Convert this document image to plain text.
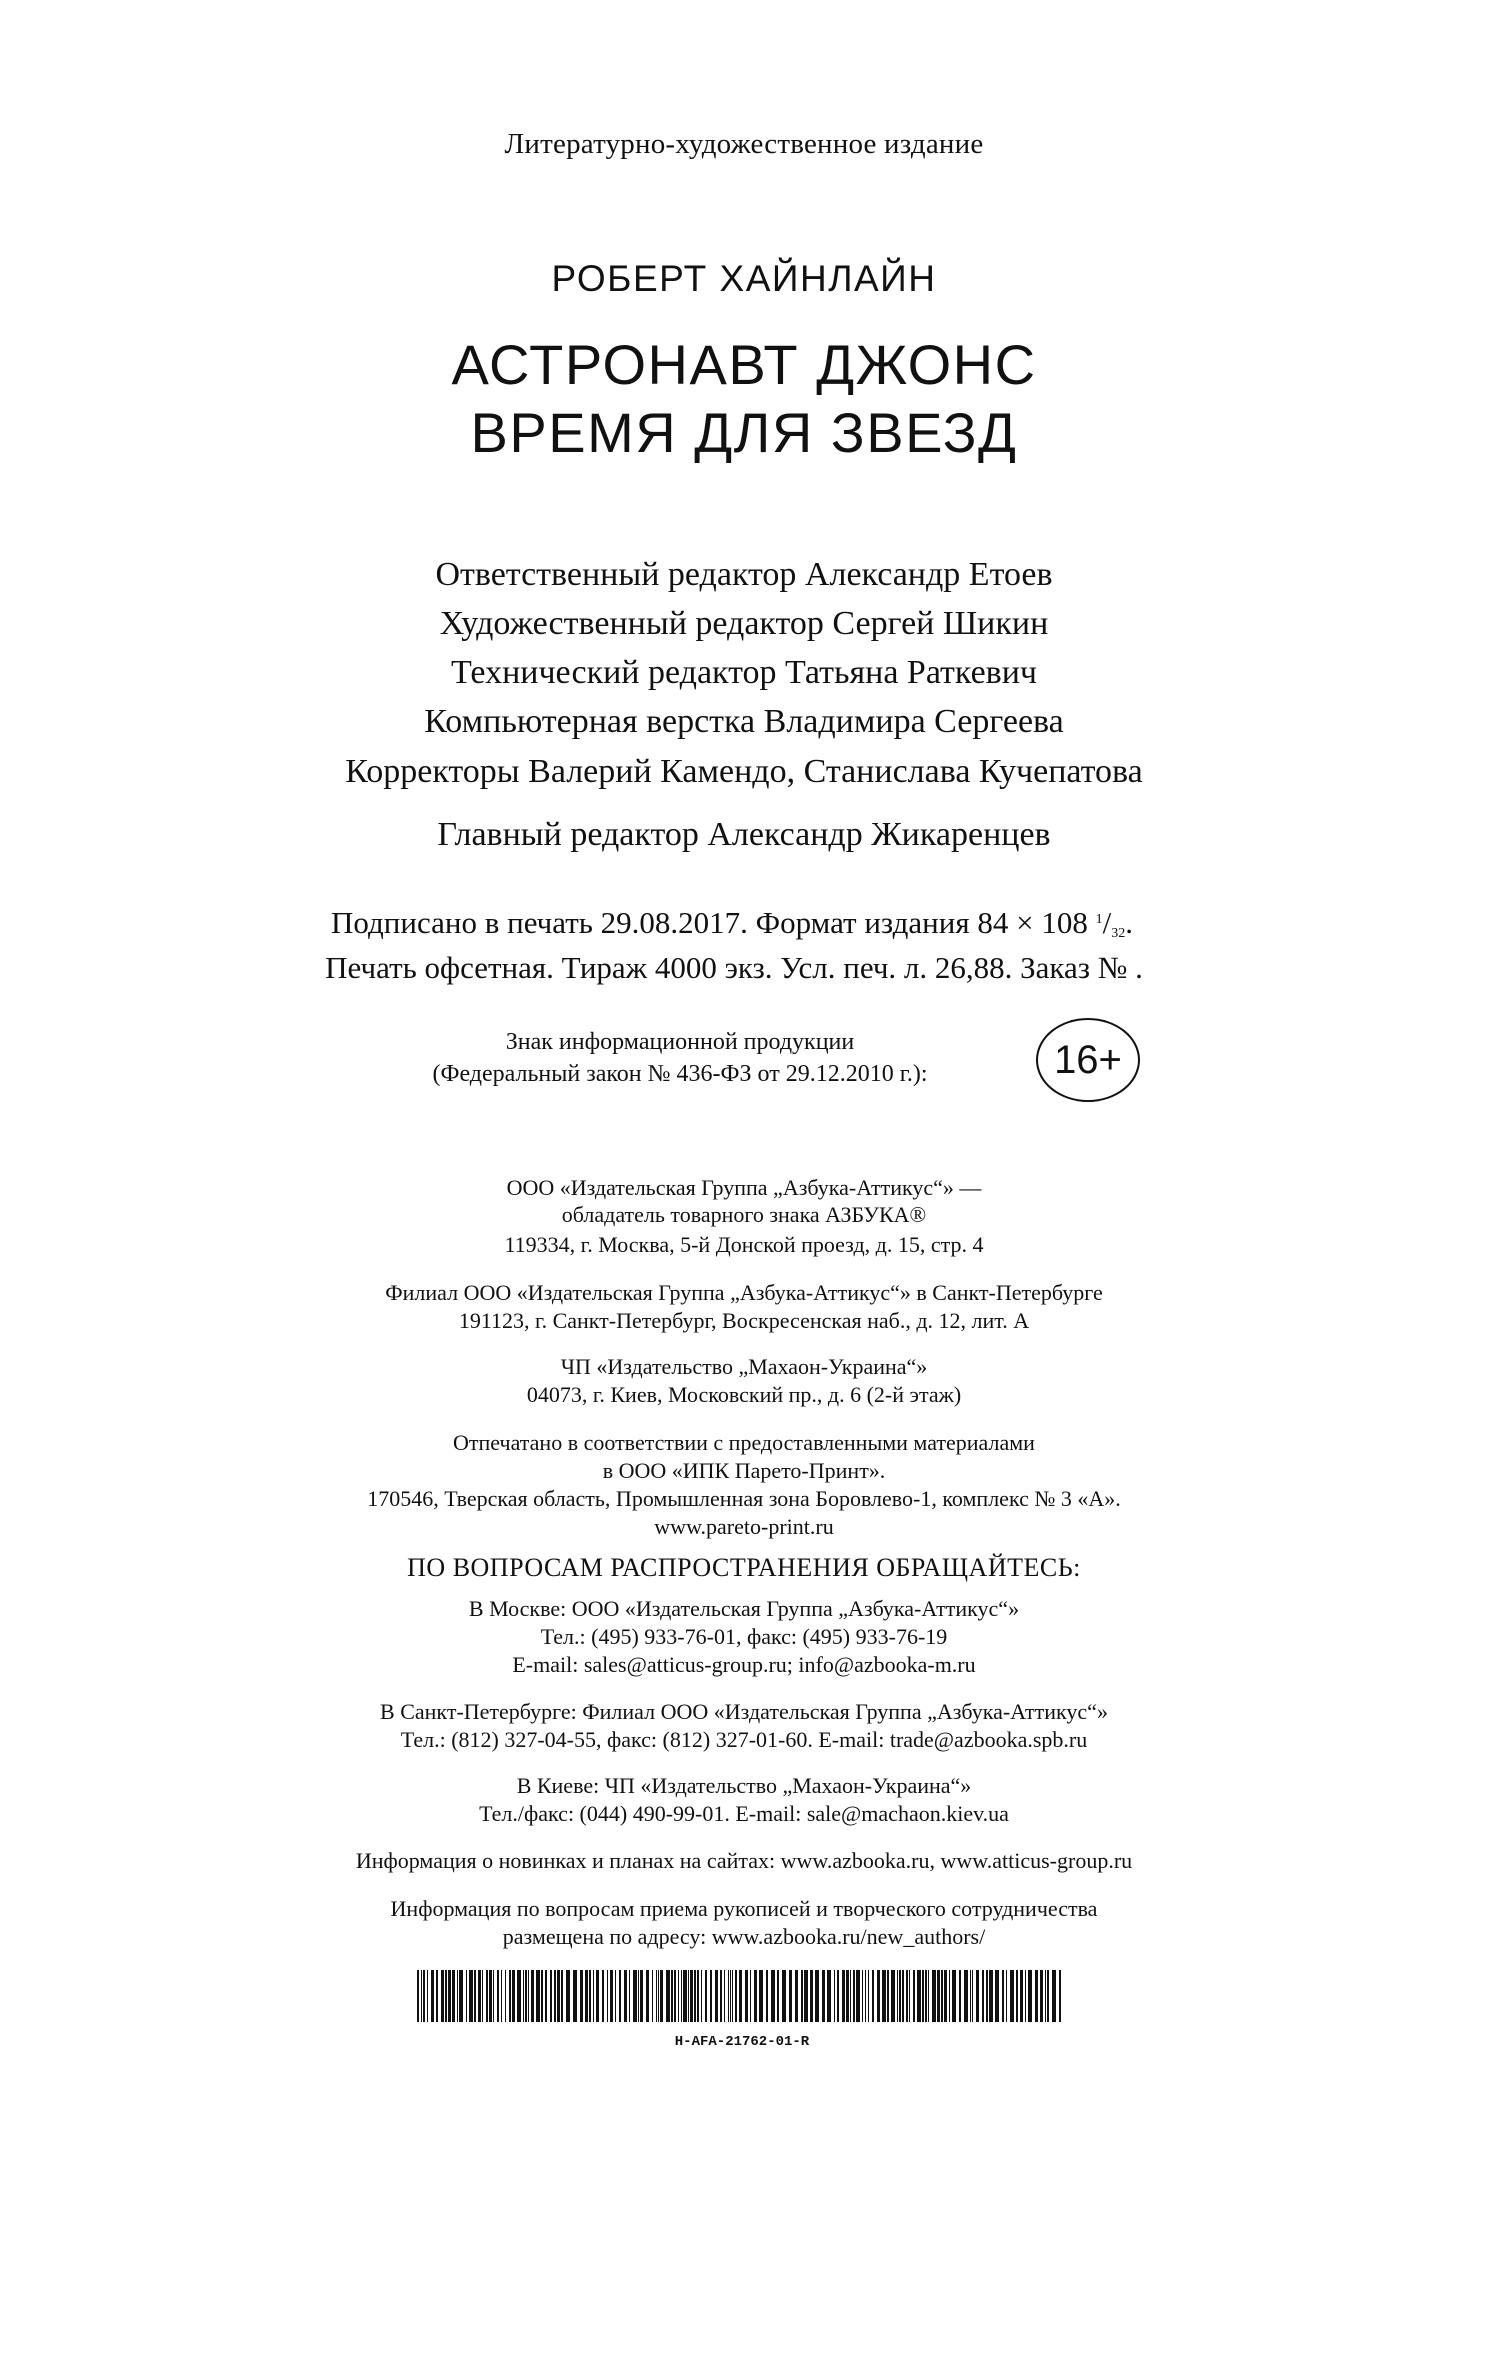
Литературно-художественное издание
РОБЕРТ ХАЙНЛАЙН
АСТРОНАВТ ДЖОНС
ВРЕМЯ ДЛЯ ЗВЕЗД
Ответственный редактор Александр Етоев
Художественный редактор Сергей Шикин
Технический редактор Татьяна Раткевич
Компьютерная верстка Владимира Сергеева
Корректоры Валерий Камендо, Станислава Кучепатова
Главный редактор Александр Жикаренцев
Подписано в печать 29.08.2017. Формат издания 84 × 108 $^1/_{32}$.
Печать офсетная. Тираж 4000 экз. Усл. печ. л. 26,88. Заказ № .
Знак информационной продукции
(Федеральный закон № 436-ФЗ от 29.12.2010 г.):	16+
ООО «Издательская Группа „Азбука-Аттикус“» —
обладатель товарного знака АЗБУКА®
119334, г. Москва, 5-й Донской проезд, д. 15, стр. 4
Филиал ООО «Издательская Группа „Азбука-Аттикус“» в Санкт-Петербурге
191123, г. Санкт-Петербург, Воскресенская наб., д. 12, лит. А
ЧП «Издательство „Махаон-Украина“»
04073, г. Киев, Московский пр., д. 6 (2-й этаж)
Отпечатано в соответствии с предоставленными материалами
в ООО «ИПК Парето-Принт».
170546, Тверская область, Промышленная зона Боровлево-1, комплекс № 3 «А».
www.pareto-print.ru
ПО ВОПРОСАМ РАСПРОСТРАНЕНИЯ ОБРАЩАЙТЕСЬ:
В Москве: ООО «Издательская Группа „Азбука-Аттикус“»
Тел.: (495) 933-76-01, факс: (495) 933-76-19
E-mail: sales@atticus-group.ru; info@azbooka-m.ru
В Санкт-Петербурге: Филиал ООО «Издательская Группа „Азбука-Аттикус“»
Тел.: (812) 327-04-55, факс: (812) 327-01-60. E-mail: trade@azbooka.spb.ru
В Киеве: ЧП «Издательство „Махаон-Украина“»
Тел./факс: (044) 490-99-01. E-mail: sale@machaon.kiev.ua
Информация о новинках и планах на сайтах: www.azbooka.ru, www.atticus-group.ru
Информация по вопросам приема рукописей и творческого сотрудничества
размещена по адресу: www.azbooka.ru/new_authors/
H-AFA-21762-01-R
